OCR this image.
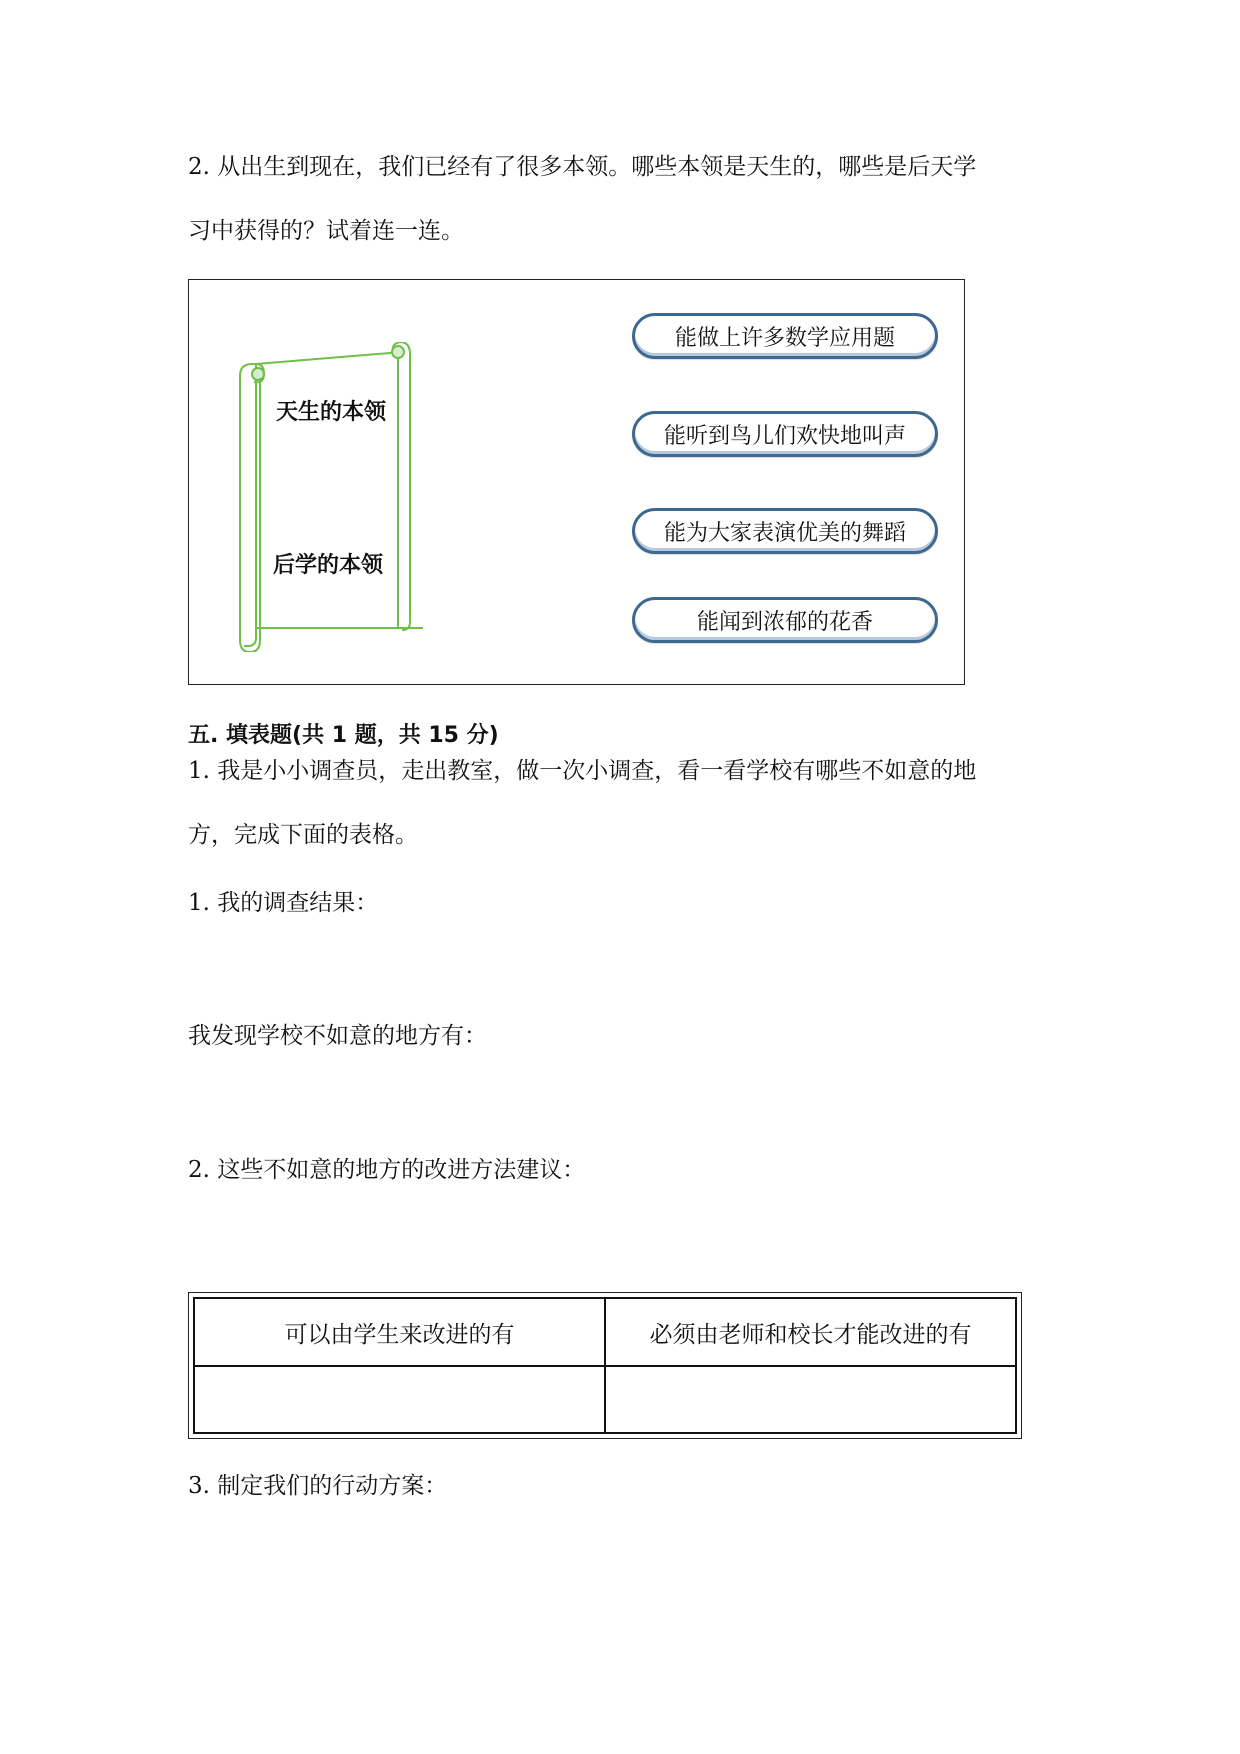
2. 从出生到现在，我们已经有了很多本领。哪些本领是天生的，哪些是后天学
习中获得的？试着连一连。
天生的本领
后学的本领
能做上许多数学应用题
能听到鸟儿们欢快地叫声
能为大家表演优美的舞蹈
能闻到浓郁的花香
五. 填表题(共 1 题，共 15 分)
1. 我是小小调查员，走出教室，做一次小调查，看一看学校有哪些不如意的地
方，完成下面的表格。
1. 我的调查结果：
我发现学校不如意的地方有：
2. 这些不如意的地方的改进方法建议：
可以由学生来改进的有	必须由老师和校长才能改进的有

3. 制定我们的行动方案：
